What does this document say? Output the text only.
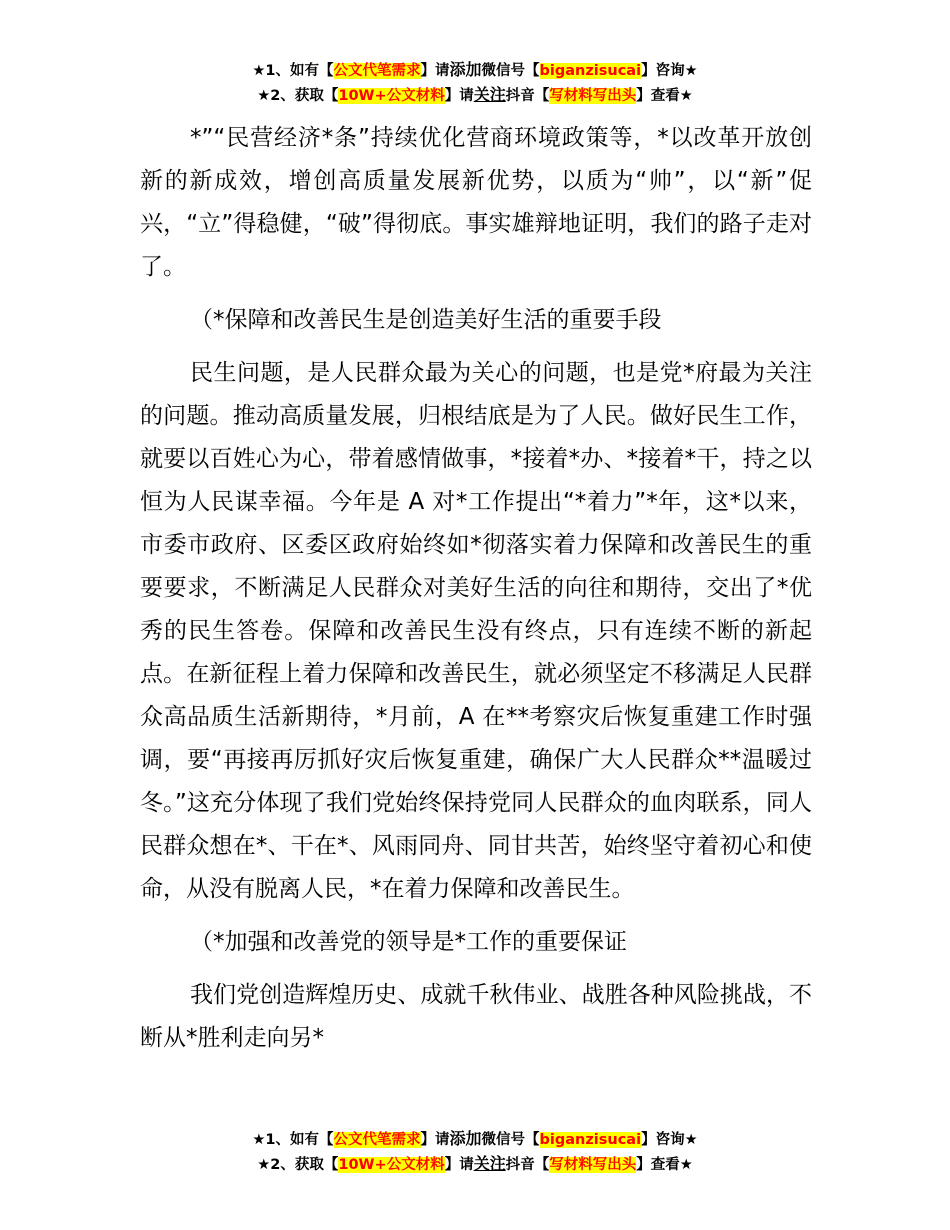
★1、如有【公文代笔需求】请添加微信号【biganzisucai】咨询★
★2、获取【10W+公文材料】请关注抖音【写材料写出头】查看★

*”“民营经济*条”持续优化营商环境政策等，*以改革开放创新的新成效，增创高质量发展新优势，以质为“帅”，以“新”促兴，“立”得稳健，“破”得彻底。事实雄辩地证明，我们的路子走对了。

（*保障和改善民生是创造美好生活的重要手段

民生问题，是人民群众最为关心的问题，也是党*府最为关注的问题。推动高质量发展，归根结底是为了人民。做好民生工作，就要以百姓心为心，带着感情做事，*接着*办、*接着*干，持之以恒为人民谋幸福。今年是 A 对*工作提出“*着力”*年，这*以来，市委市政府、区委区政府始终如*彻落实着力保障和改善民生的重要要求，不断满足人民群众对美好生活的向往和期待，交出了*优秀的民生答卷。保障和改善民生没有终点，只有连续不断的新起点。在新征程上着力保障和改善民生，就必须坚定不移满足人民群众高品质生活新期待，*月前，A 在**考察灾后恢复重建工作时强调，要“再接再厉抓好灾后恢复重建，确保广大人民群众**温暖过冬。”这充分体现了我们党始终保持党同人民群众的血肉联系，同人民群众想在*、干在*、风雨同舟、同甘共苦，始终坚守着初心和使命，从没有脱离人民，*在着力保障和改善民生。

（*加强和改善党的领导是*工作的重要保证

我们党创造辉煌历史、成就千秋伟业、战胜各种风险挑战，不断从*胜利走向另*

★1、如有【公文代笔需求】请添加微信号【biganzisucai】咨询★
★2、获取【10W+公文材料】请关注抖音【写材料写出头】查看★
